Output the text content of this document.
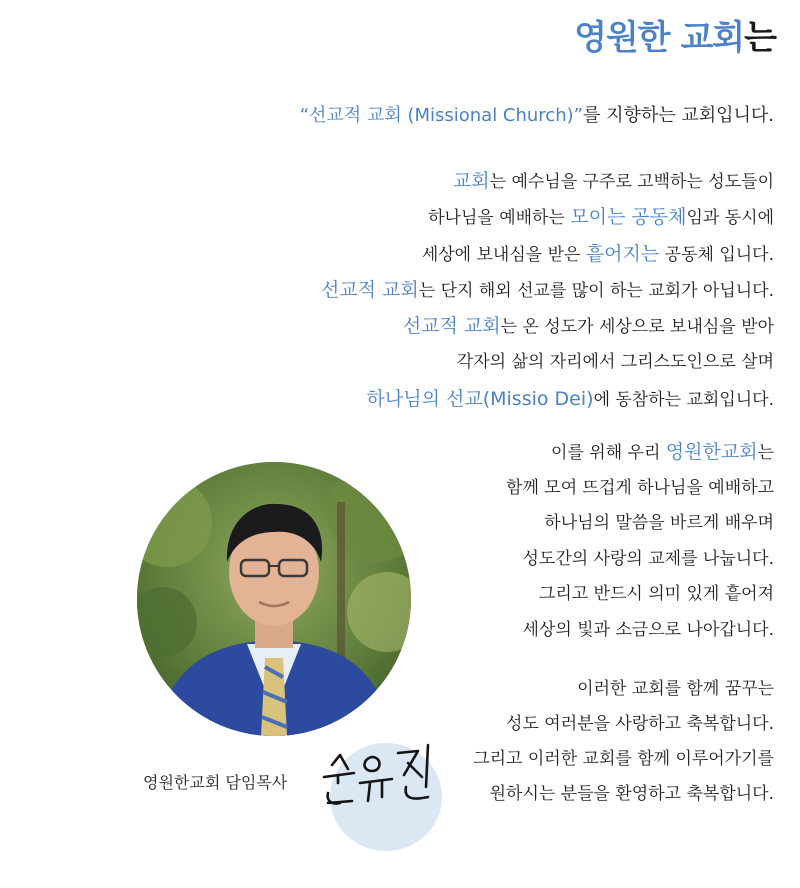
영원한 교회는
“선교적 교회 (Missional Church)”를 지향하는 교회입니다.
교회는 예수님을 구주로 고백하는 성도들이
하나님을 예배하는 모이는 공동체임과 동시에
세상에 보내심을 받은 흩어지는 공동체 입니다.
선교적 교회는 단지 해외 선교를 많이 하는 교회가 아닙니다.
선교적 교회는 온 성도가 세상으로 보내심을 받아
각자의 삶의 자리에서 그리스도인으로 살며
하나님의 선교(Missio Dei)에 동참하는 교회입니다.
이를 위해 우리 영원한교회는
함께 모여 뜨겁게 하나님을 예배하고
하나님의 말씀을 바르게 배우며
성도간의 사랑의 교제를 나눕니다.
그리고 반드시 의미 있게 흩어져
세상의 빛과 소금으로 나아갑니다.
이러한 교회를 함께 꿈꾸는
성도 여러분을 사랑하고 축복합니다.
그리고 이러한 교회를 함께 이루어가기를
원하시는 분들을 환영하고 축복합니다.
영원한교회 담임목사
